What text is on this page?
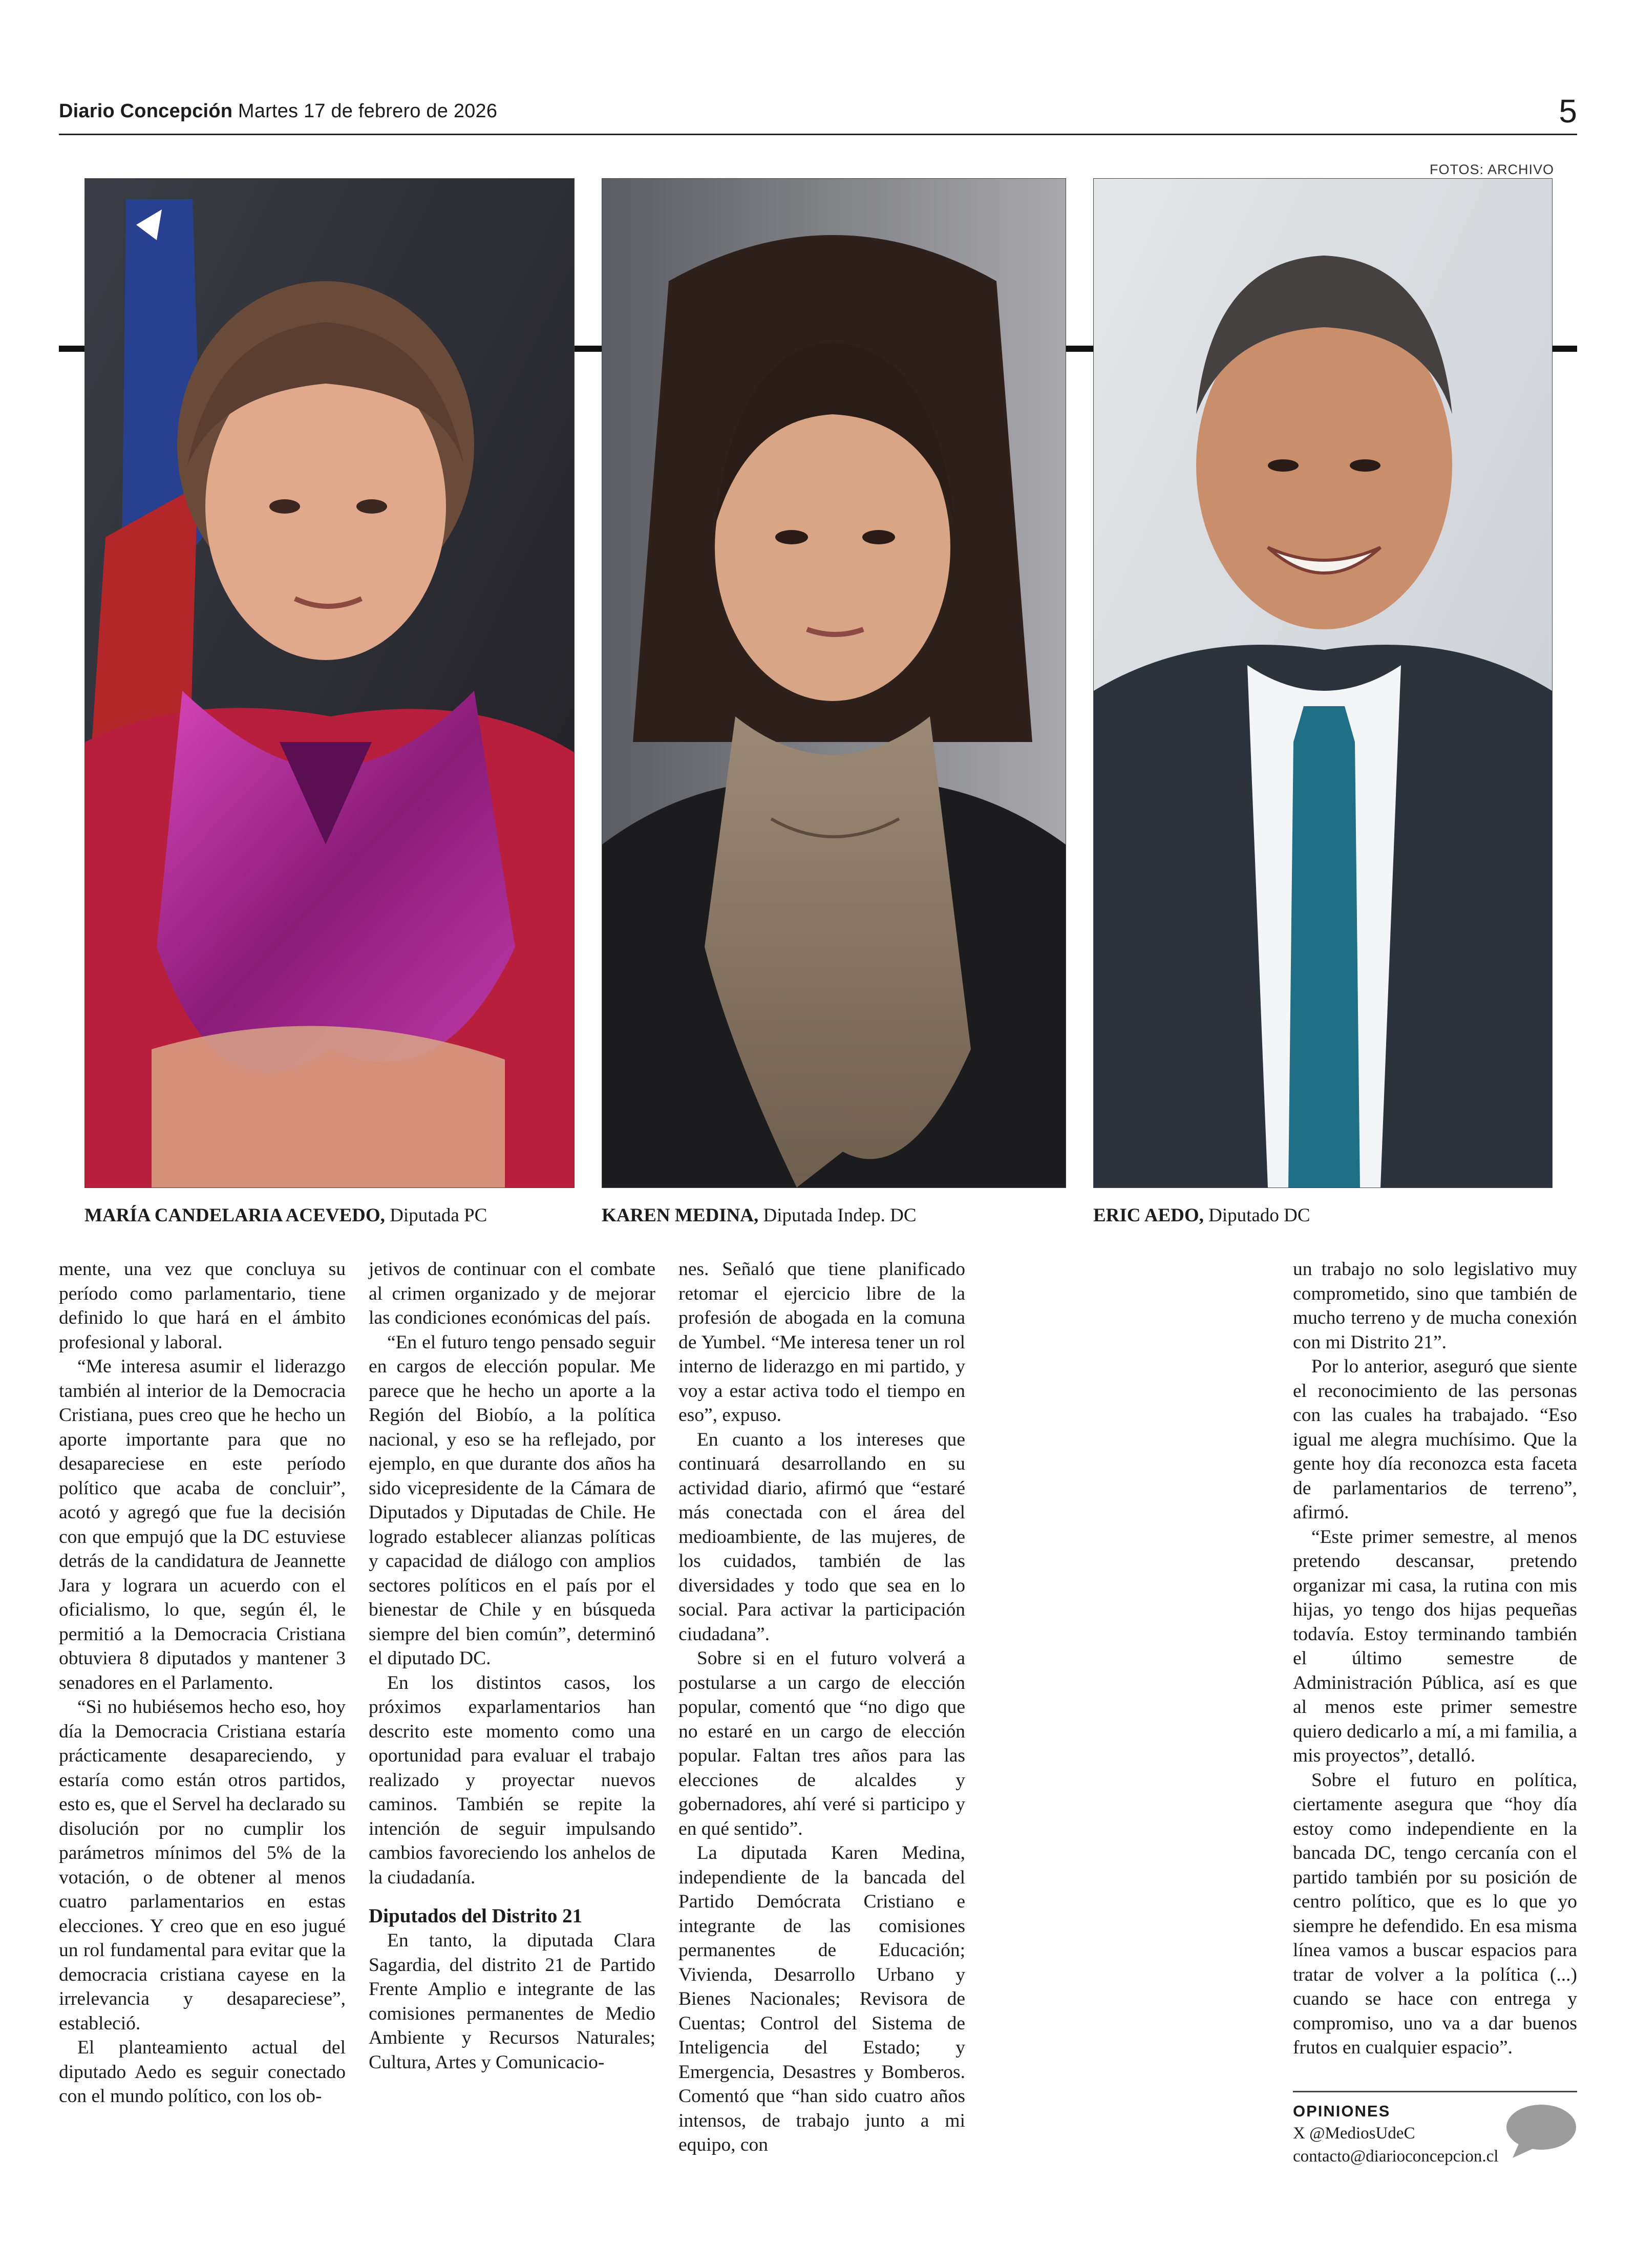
Diario Concepción Martes 17 de febrero de 2026	5
FOTOS: ARCHIVO
MARÍA CANDELARIA ACEVEDO, Diputada PC	KAREN MEDINA, Diputada Indep. DC	ERIC AEDO, Diputado DC

mente, una vez que concluya su período como parlamentario, tiene definido lo que hará en el ámbito profesional y laboral.

“Me interesa asumir el liderazgo también al interior de la Democracia Cristiana, pues creo que he hecho un aporte importante para que no desapareciese en este período político que acaba de concluir”, acotó y agregó que fue la decisión con que empujó que la DC estuviese detrás de la candidatura de Jeannette Jara y lograra un acuerdo con el oficialismo, lo que, según él, le permitió a la Democracia Cristiana obtuviera 8 diputados y mantener 3 senadores en el Parlamento.

“Si no hubiésemos hecho eso, hoy día la Democracia Cristiana estaría prácticamente desapareciendo, y estaría como están otros partidos, esto es, que el Servel ha declarado su disolución por no cumplir los parámetros mínimos del 5% de la votación, o de obtener al menos cuatro parlamentarios en estas elecciones. Y creo que en eso jugué un rol fundamental para evitar que la democracia cristiana cayese en la irrelevancia y desapareciese”, estableció.

El planteamiento actual del diputado Aedo es seguir conectado con el mundo político, con los ob-

jetivos de continuar con el combate al crimen organizado y de mejorar las condiciones económicas del país.

“En el futuro tengo pensado seguir en cargos de elección popular. Me parece que he hecho un aporte a la Región del Biobío, a la política nacional, y eso se ha reflejado, por ejemplo, en que durante dos años ha sido vicepresidente de la Cámara de Diputados y Diputadas de Chile. He logrado establecer alianzas políticas y capacidad de diálogo con amplios sectores políticos en el país por el bienestar de Chile y en búsqueda siempre del bien común”, determinó el diputado DC.

En los distintos casos, los próximos exparlamentarios han descrito este momento como una oportunidad para evaluar el trabajo realizado y proyectar nuevos caminos. También se repite la intención de seguir impulsando cambios favoreciendo los anhelos de la ciudadanía.

Diputados del Distrito 21

En tanto, la diputada Clara Sagardia, del distrito 21 de Partido Frente Amplio e integrante de las comisiones permanentes de Medio Ambiente y Recursos Naturales; Cultura, Artes y Comunicacio-

nes. Señaló que tiene planificado retomar el ejercicio libre de la profesión de abogada en la comuna de Yumbel. “Me interesa tener un rol interno de liderazgo en mi partido, y voy a estar activa todo el tiempo en eso”, expuso.

En cuanto a los intereses que continuará desarrollando en su actividad diario, afirmó que “estaré más conectada con el área del medioambiente, de las mujeres, de los cuidados, también de las diversidades y todo que sea en lo social. Para activar la participación ciudadana”.

Sobre si en el futuro volverá a postularse a un cargo de elección popular, comentó que “no digo que no estaré en un cargo de elección popular. Faltan tres años para las elecciones de alcaldes y gobernadores, ahí veré si participo y en qué sentido”.

La diputada Karen Medina, independiente de la bancada del Partido Demócrata Cristiano e integrante de las comisiones permanentes de Educación; Vivienda, Desarrollo Urbano y Bienes Nacionales; Revisora de Cuentas; Control del Sistema de Inteligencia del Estado; y Emergencia, Desastres y Bomberos. Comentó que “han sido cuatro años intensos, de trabajo junto a mi equipo, con

un trabajo no solo legislativo muy comprometido, sino que también de mucho terreno y de mucha conexión con mi Distrito 21”.

Por lo anterior, aseguró que siente el reconocimiento de las personas con las cuales ha trabajado. “Eso igual me alegra muchísimo. Que la gente hoy día reconozca esta faceta de parlamentarios de terreno”, afirmó.

“Este primer semestre, al menos pretendo descansar, pretendo organizar mi casa, la rutina con mis hijas, yo tengo dos hijas pequeñas todavía. Estoy terminando también el último semestre de Administración Pública, así es que al menos este primer semestre quiero dedicarlo a mí, a mi familia, a mis proyectos”, detalló.

Sobre el futuro en política, ciertamente asegura que “hoy día estoy como independiente en la bancada DC, tengo cercanía con el partido también por su posición de centro político, que es lo que yo siempre he defendido. En esa misma línea vamos a buscar espacios para tratar de volver a la política (...) cuando se hace con entrega y compromiso, uno va a dar buenos frutos en cualquier espacio”.

OPINIONES
X @MediosUdeC
contacto@diarioconcepcion.cl
